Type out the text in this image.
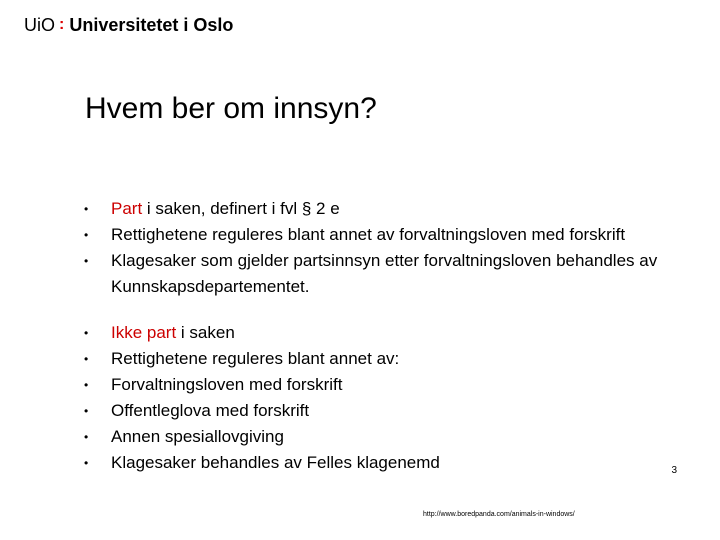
UiO : Universitetet i Oslo
Hvem ber om innsyn?
•	Part i saken, definert i fvl § 2 e
•	Rettighetene reguleres blant annet av forvaltningsloven med forskrift
•	Klagesaker som gjelder partsinnsyn etter forvaltningsloven behandles av Kunnskapsdepartementet.
•	Ikke part i saken
•	Rettighetene reguleres blant annet av:
•	Forvaltningsloven med forskrift
•	Offentleglova med forskrift
•	Annen spesiallovgiving
•	Klagesaker behandles av Felles klagenemd	3
http://www.boredpanda.com/animals-in-windows/
